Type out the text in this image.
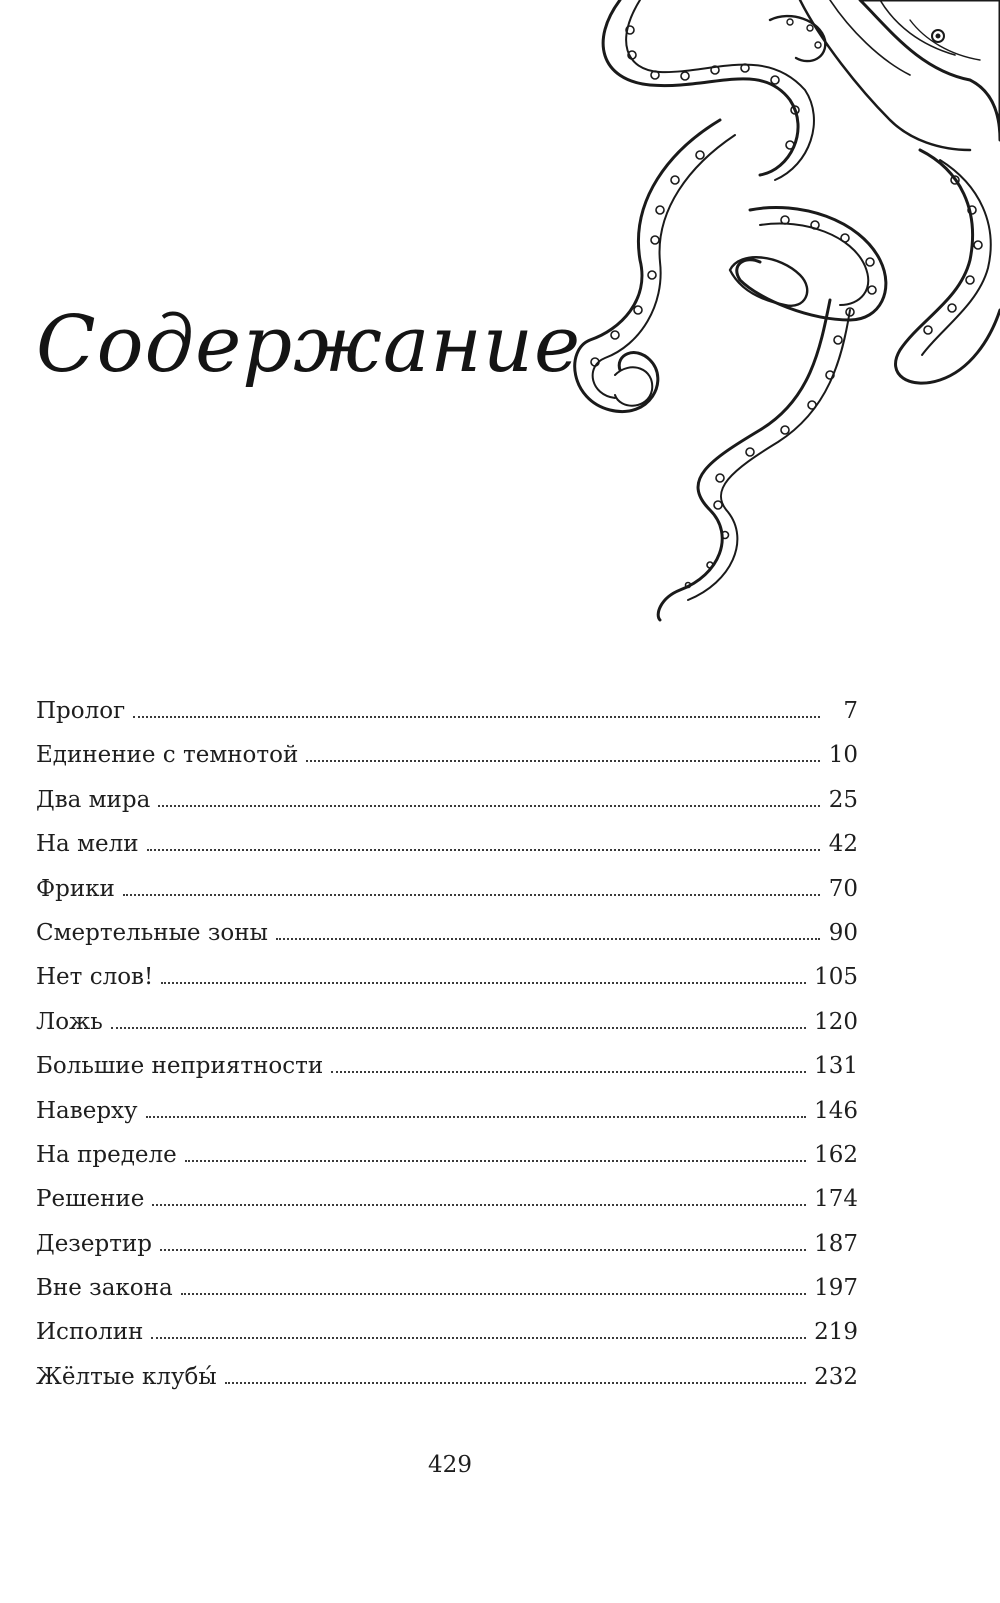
Содержание
Пролог	7
Единение с темнотой	10
Два мира	25
На мели	42
Фрики	70
Смертельные зоны	90
Нет слов!	105
Ложь	120
Большие неприятности	131
Наверху	146
На пределе	162
Решение	174
Дезертир	187
Вне закона	197
Исполин	219
Жёлтые клубы́	232
429
